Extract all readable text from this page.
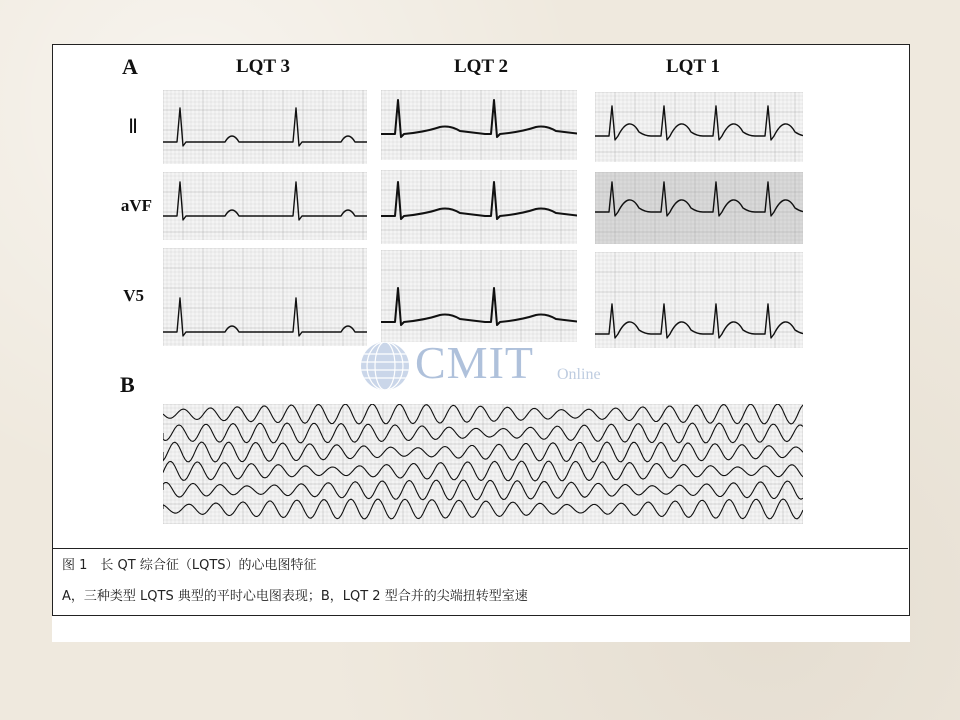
A
B
LQT 3	LQT 2	LQT 1
Ⅱ
aVF
V5
CMIT Online
图 1　长 QT 综合征（LQTS）的心电图特征
A，三种类型 LQTS 典型的平时心电图表现；B，LQT 2 型合并的尖端扭转型室速
